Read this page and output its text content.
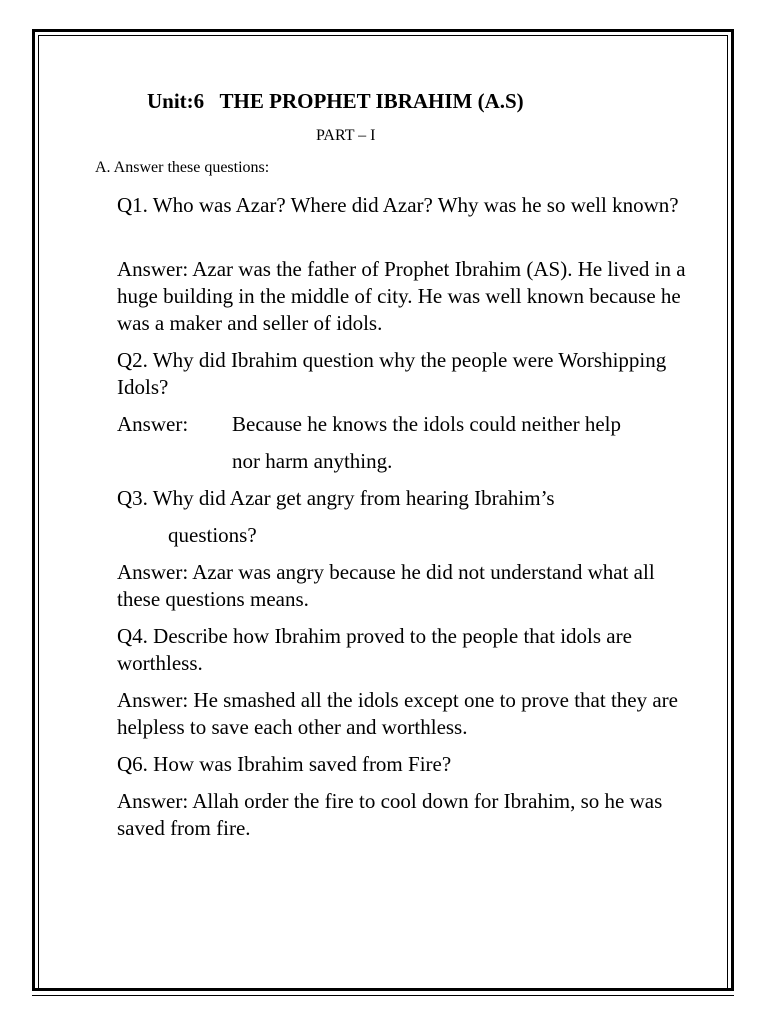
Unit:6   THE PROPHET IBRAHIM (A.S)
PART – I
A. Answer these questions:
Q1. Who was Azar? Where did Azar? Why was he so well known?
Answer: Azar was the father of Prophet Ibrahim (AS). He lived in a huge building in the middle of city. He was well known because he was a maker and seller of idols.
Q2. Why did Ibrahim question why the people were Worshipping Idols?
Answer: Because he knows the idols could neither help
nor harm anything.
Q3. Why did Azar get angry from hearing Ibrahim’s
questions?
Answer: Azar was angry because he did not understand what all these questions means.
Q4. Describe how Ibrahim proved to the people that idols are worthless.
Answer: He smashed all the idols except one to prove that they are helpless to save each other and worthless.
Q6. How was Ibrahim saved from Fire?
Answer: Allah order the fire to cool down for Ibrahim, so he was saved from fire.
